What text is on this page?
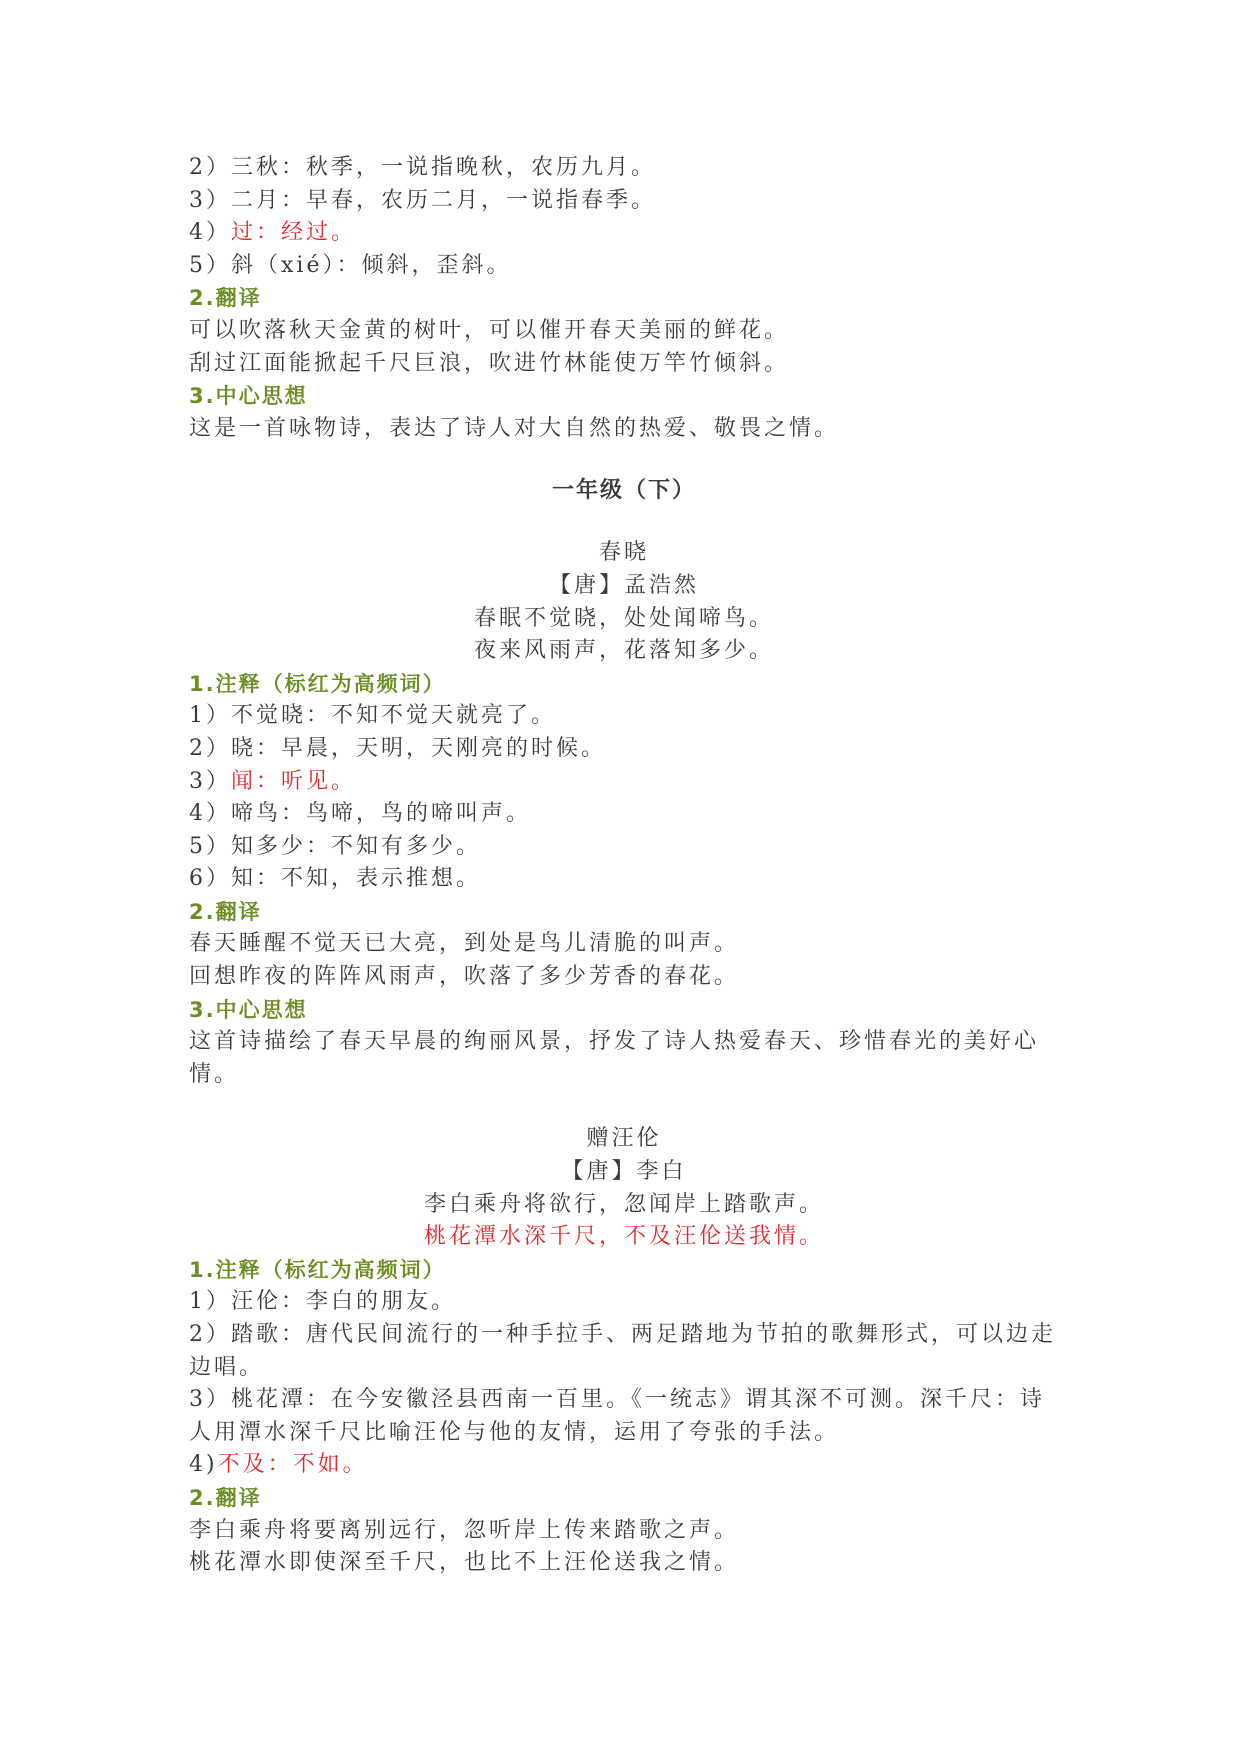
2）三秋：秋季，一说指晚秋，农历九月。
3）二月：早春，农历二月，一说指春季。
4）过：经过。
5）斜（xié）：倾斜，歪斜。
2.翻译
可以吹落秋天金黄的树叶，可以催开春天美丽的鲜花。
刮过江面能掀起千尺巨浪，吹进竹林能使万竿竹倾斜。
3.中心思想
这是一首咏物诗，表达了诗人对大自然的热爱、敬畏之情。
一年级（下）
春晓
【唐】孟浩然
春眠不觉晓，处处闻啼鸟。
夜来风雨声，花落知多少。
1.注释（标红为高频词）
1）不觉晓：不知不觉天就亮了。
2）晓：早晨，天明，天刚亮的时候。
3）闻：听见。
4）啼鸟：鸟啼，鸟的啼叫声。
5）知多少：不知有多少。
6）知：不知，表示推想。
2.翻译
春天睡醒不觉天已大亮，到处是鸟儿清脆的叫声。
回想昨夜的阵阵风雨声，吹落了多少芳香的春花。
3.中心思想
这首诗描绘了春天早晨的绚丽风景，抒发了诗人热爱春天、珍惜春光的美好心情。
赠汪伦
【唐】李白
李白乘舟将欲行，忽闻岸上踏歌声。
桃花潭水深千尺，不及汪伦送我情。
1.注释（标红为高频词）
1）汪伦：李白的朋友。
2）踏歌：唐代民间流行的一种手拉手、两足踏地为节拍的歌舞形式，可以边走边唱。
3）桃花潭：在今安徽泾县西南一百里。《一统志》谓其深不可测。深千尺：诗人用潭水深千尺比喻汪伦与他的友情，运用了夸张的手法。
4)不及：不如。
2.翻译
李白乘舟将要离别远行，忽听岸上传来踏歌之声。
桃花潭水即使深至千尺，也比不上汪伦送我之情。
